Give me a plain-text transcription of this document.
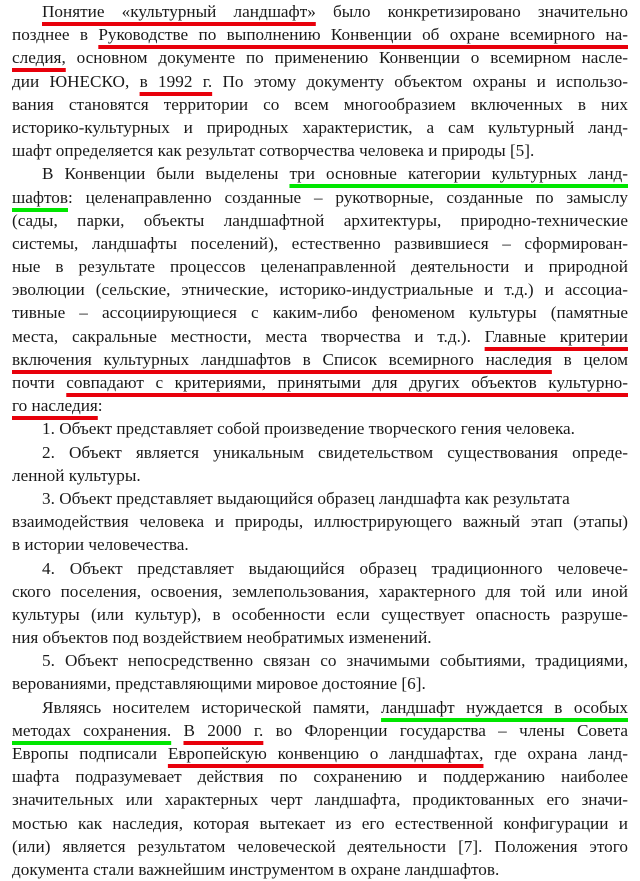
Понятие «культурный ландшафт» было конкретизировано значительно
позднее в Руководстве по выполнению Конвенции об охране всемирного на-
следия, основном документе по применению Конвенции о всемирном насле-
дии ЮНЕСКО, в 1992 г. По этому документу объектом охраны и использо-
вания становятся территории со всем многообразием включенных в них
историко-культурных и природных характеристик, а сам культурный ланд-
шафт определяется как результат сотворчества человека и природы [5].
В Конвенции были выделены три основные категории культурных ланд-
шафтов: целенаправленно созданные – рукотворные, созданные по замыслу
(сады, парки, объекты ландшафтной архитектуры, природно-технические
системы, ландшафты поселений), естественно развившиеся – сформирован-
ные в результате процессов целенаправленной деятельности и природной
эволюции (сельские, этнические, историко-индустриальные и т.д.) и ассоциа-
тивные – ассоциирующиеся с каким-либо феноменом культуры (памятные
места, сакральные местности, места творчества и т.д.). Главные критерии
включения культурных ландшафтов в Список всемирного наследия в целом
почти совпадают с критериями, принятыми для других объектов культурно-
го наследия:
1. Объект представляет собой произведение творческого гения человека.
2. Объект является уникальным свидетельством существования опреде-
ленной культуры.
3. Объект представляет выдающийся образец ландшафта как результата
взаимодействия человека и природы, иллюстрирующего важный этап (этапы)
в истории человечества.
4. Объект представляет выдающийся образец традиционного человече-
ского поселения, освоения, землепользования, характерного для той или иной
культуры (или культур), в особенности если существует опасность разруше-
ния объектов под воздействием необратимых изменений.
5. Объект непосредственно связан со значимыми событиями, традициями,
верованиями, представляющими мировое достояние [6].
Являясь носителем исторической памяти, ландшафт нуждается в особых
методах сохранения. В 2000 г. во Флоренции государства – члены Совета
Европы подписали Европейскую конвенцию о ландшафтах, где охрана ланд-
шафта подразумевает действия по сохранению и поддержанию наиболее
значительных или характерных черт ландшафта, продиктованных его значи-
мостью как наследия, которая вытекает из его естественной конфигурации и
(или) является результатом человеческой деятельности [7]. Положения этого
документа стали важнейшим инструментом в охране ландшафтов.
